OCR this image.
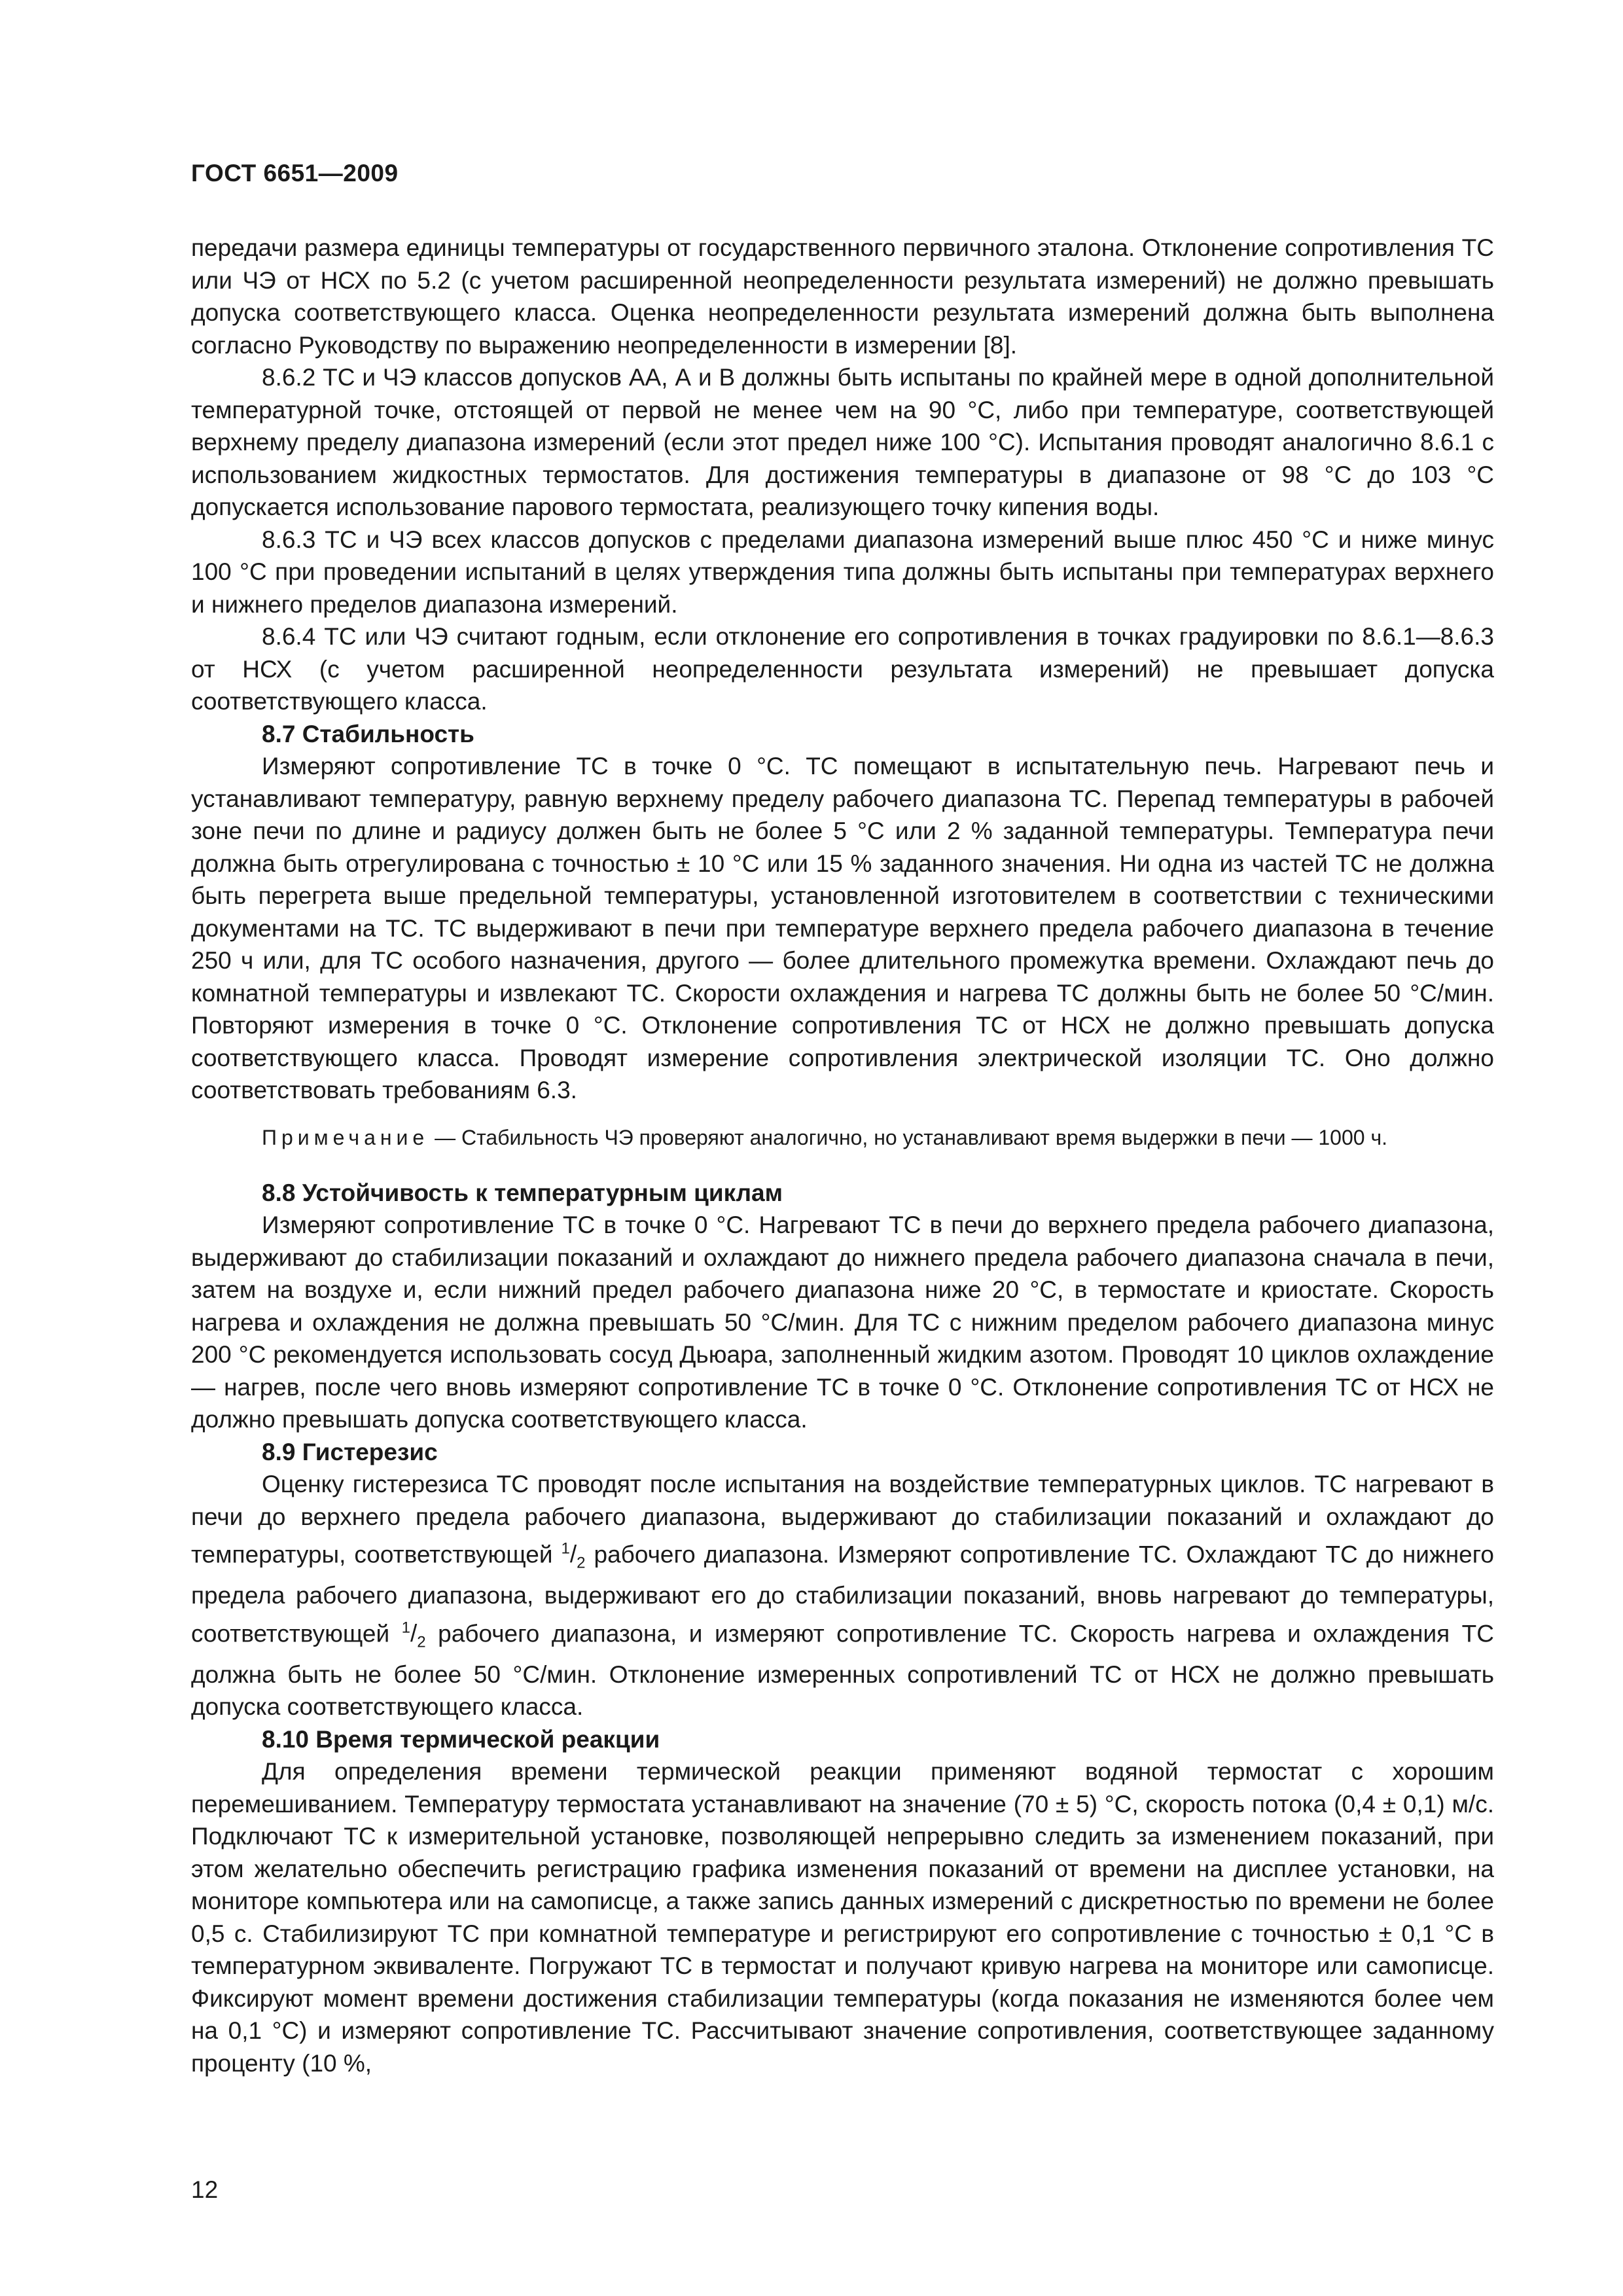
ГОСТ 6651—2009

передачи размера единицы температуры от государственного первичного эталона. Отклонение сопротивления ТС или ЧЭ от НСХ по 5.2 (с учетом расширенной неопределенности результата измерений) не должно превышать допуска соответствующего класса. Оценка неопределенности результата измерений должна быть выполнена согласно Руководству по выражению неопределенности в измерении [8].

8.6.2 ТС и ЧЭ классов допусков АА, А и В должны быть испытаны по крайней мере в одной дополнительной температурной точке, отстоящей от первой не менее чем на 90 °С, либо при температуре, соответствующей верхнему пределу диапазона измерений (если этот предел ниже 100 °С). Испытания проводят аналогично 8.6.1 с использованием жидкостных термостатов. Для достижения температуры в диапазоне от 98 °С до 103 °С допускается использование парового термостата, реализующего точку кипения воды.

8.6.3 ТС и ЧЭ всех классов допусков с пределами диапазона измерений выше плюс 450 °С и ниже минус 100 °С при проведении испытаний в целях утверждения типа должны быть испытаны при температурах верхнего и нижнего пределов диапазона измерений.

8.6.4 ТС или ЧЭ считают годным, если отклонение его сопротивления в точках градуировки по 8.6.1—8.6.3 от НСХ (с учетом расширенной неопределенности результата измерений) не превышает допуска соответствующего класса.

8.7 Стабильность

Измеряют сопротивление ТС в точке 0 °С. ТС помещают в испытательную печь. Нагревают печь и устанавливают температуру, равную верхнему пределу рабочего диапазона ТС. Перепад температуры в рабочей зоне печи по длине и радиусу должен быть не более 5 °С или 2 % заданной температуры. Температура печи должна быть отрегулирована с точностью ± 10 °С или 15 % заданного значения. Ни одна из частей ТС не должна быть перегрета выше предельной температуры, установленной изготовителем в соответствии с техническими документами на ТС. ТС выдерживают в печи при температуре верхнего предела рабочего диапазона в течение 250 ч или, для ТС особого назначения, другого — более длительного промежутка времени. Охлаждают печь до комнатной температуры и извлекают ТС. Скорости охлаждения и нагрева ТС должны быть не более 50 °С/мин. Повторяют измерения в точке 0 °С. Отклонение сопротивления ТС от НСХ не должно превышать допуска соответствующего класса. Проводят измерение сопротивления электрической изоляции ТС. Оно должно соответствовать требованиям 6.3.

Примечание — Стабильность ЧЭ проверяют аналогично, но устанавливают время выдержки в печи — 1000 ч.
8.8 Устойчивость к температурным циклам

Измеряют сопротивление ТС в точке 0 °С. Нагревают ТС в печи до верхнего предела рабочего диапазона, выдерживают до стабилизации показаний и охлаждают до нижнего предела рабочего диапазона сначала в печи, затем на воздухе и, если нижний предел рабочего диапазона ниже 20 °С, в термостате и криостате. Скорость нагрева и охлаждения не должна превышать 50 °С/мин. Для ТС с нижним пределом рабочего диапазона минус 200 °С рекомендуется использовать сосуд Дьюара, заполненный жидким азотом. Проводят 10 циклов охлаждение — нагрев, после чего вновь измеряют сопротивление ТС в точке 0 °С. Отклонение сопротивления ТС от НСХ не должно превышать допуска соответствующего класса.

8.9 Гистерезис

Оценку гистерезиса ТС проводят после испытания на воздействие температурных циклов. ТС нагревают в печи до верхнего предела рабочего диапазона, выдерживают до стабилизации показаний и охлаждают до температуры, соответствующей $^1/_2$ рабочего диапазона. Измеряют сопротивление ТС. Охлаждают ТС до нижнего предела рабочего диапазона, выдерживают его до стабилизации показаний, вновь нагревают до температуры, соответствующей $^1/_2$ рабочего диапазона, и измеряют сопротивление ТС. Скорость нагрева и охлаждения ТС должна быть не более 50 °С/мин. Отклонение измеренных сопротивлений ТС от НСХ не должно превышать допуска соответствующего класса.

8.10 Время термической реакции

Для определения времени термической реакции применяют водяной термостат с хорошим перемешиванием. Температуру термостата устанавливают на значение (70 ± 5) °С, скорость потока (0,4 ± 0,1) м/с. Подключают ТС к измерительной установке, позволяющей непрерывно следить за изменением показаний, при этом желательно обеспечить регистрацию графика изменения показаний от времени на дисплее установки, на мониторе компьютера или на самописце, а также запись данных измерений с дискретностью по времени не более 0,5 с. Стабилизируют ТС при комнатной температуре и регистрируют его сопротивление с точностью ± 0,1 °С в температурном эквиваленте. Погружают ТС в термостат и получают кривую нагрева на мониторе или самописце. Фиксируют момент времени достижения стабилизации температуры (когда показания не изменяются более чем на 0,1 °С) и измеряют сопротивление ТС. Рассчитывают значение сопротивления, соответствующее заданному проценту (10 %,

12
